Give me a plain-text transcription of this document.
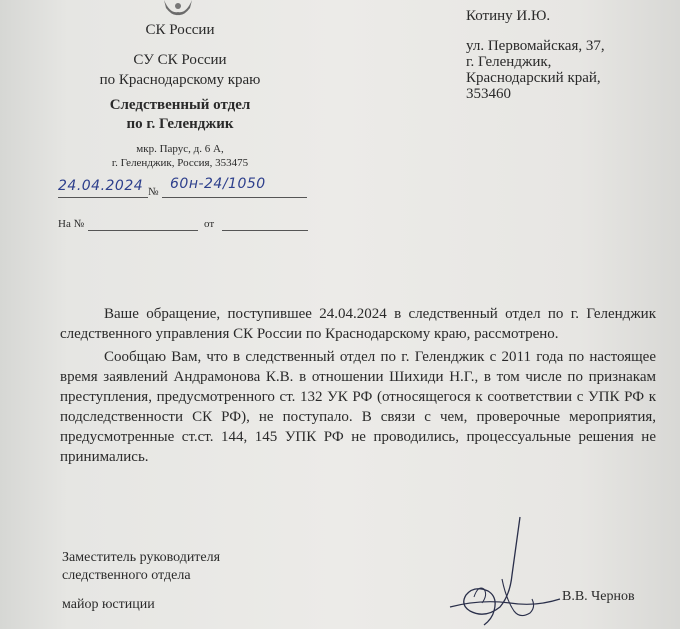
СК России
СУ СК России
по Краснодарскому краю
Следственный отдел
по г. Геленджик
мкр. Парус, д. 6 А,
г. Геленджик, Россия, 353475
24.04.2024 № 60н-24/1050
На №	от
Котину И.Ю.
ул. Первомайская, 37,
г. Геленджик,
Краснодарский край,
353460

Ваше обращение, поступившее 24.04.2024 в следственный отдел по г. Геленджик следственного управления СК России по Краснодарскому краю, рассмотрено.

Сообщаю Вам, что в следственный отдел по г. Геленджик с 2011 года по настоящее время заявлений Андрамонова К.В. в отношении Шихиди Н.Г., в том числе по признакам преступления, предусмотренного ст. 132 УК РФ (относящегося к соответствии с УПК РФ к подследственности СК РФ), не поступало. В связи с чем, проверочные мероприятия, предусмотренные ст.ст. 144, 145 УПК РФ не проводились, процессуальные решения не принимались.

Заместитель руководителя
следственного отдела
майор юстиции
В.В. Чернов
